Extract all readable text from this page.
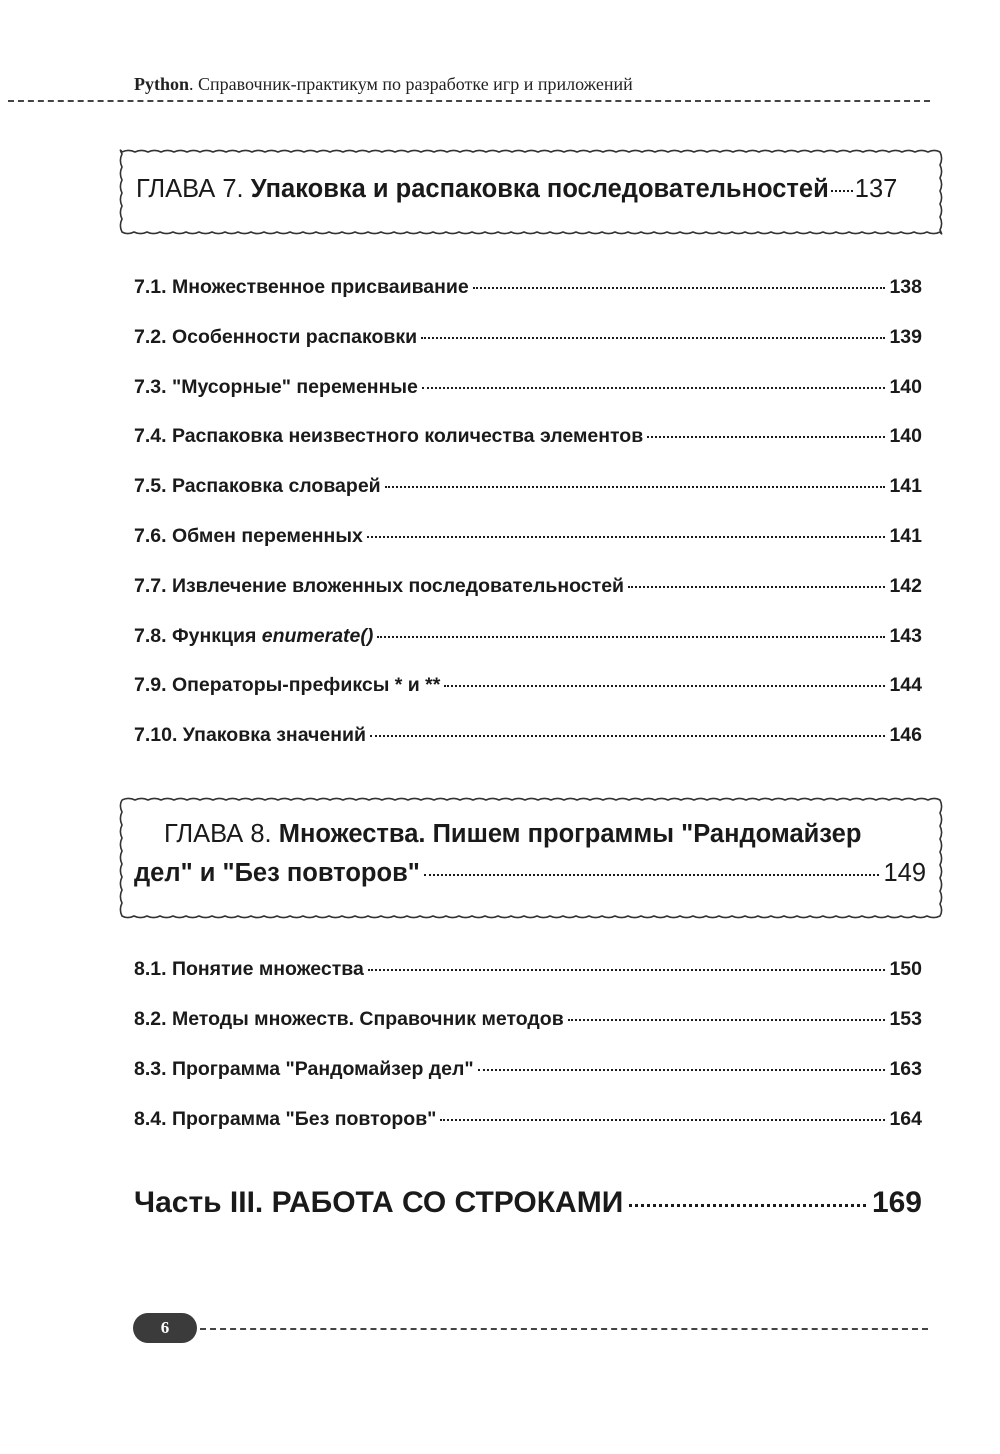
Python. Справочник-практикум по разработке игр и приложений
ГЛАВА 7.
Упаковка и распаковка последовательностей 137
7.1. Множественное присваивание	138
7.2. Особенности распаковки	139
7.3. "Мусорные" переменные	140
7.4. Распаковка неизвестного количества элементов	140
7.5. Распаковка словарей	141
7.6. Обмен переменных	141
7.7. Извлечение вложенных последовательностей	142
7.8. Функция enumerate()	143
7.9. Операторы-префиксы * и **	144
7.10. Упаковка значений	146
ГЛАВА 8. Множества. Пишем программы "Рандомайзер
дел" и "Без повторов"	149
8.1. Понятие множества	150
8.2. Методы множеств. Справочник методов	153
8.3. Программа "Рандомайзер дел"	163
8.4. Программа "Без повторов"	164
Часть III. РАБОТА СО СТРОКАМИ	169
6
